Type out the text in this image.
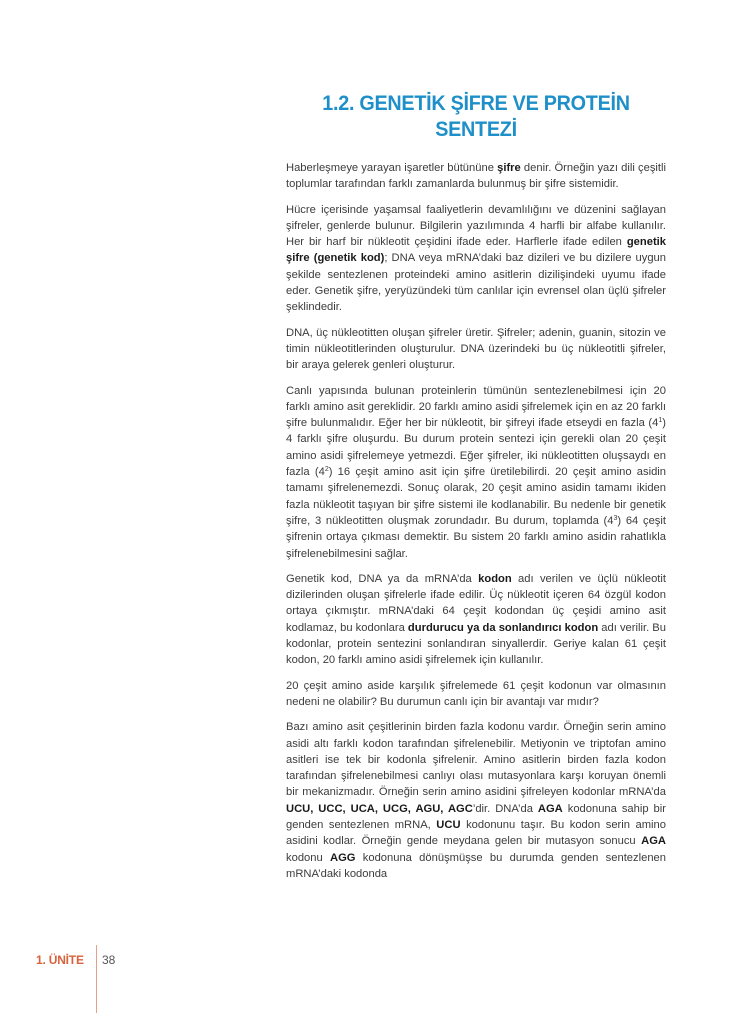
1.2. GENETİK ŞİFRE VE PROTEİN
SENTEZİ

Haberleşmeye yarayan işaretler bütününe şifre denir. Örneğin yazı dili çeşitli toplumlar tarafından farklı zamanlarda bulunmuş bir şifre sistemidir.

Hücre içerisinde yaşamsal faaliyetlerin devamlılığını ve düzenini sağlayan şifreler, genlerde bulunur. Bilgilerin yazılımında 4 harfli bir alfabe kullanılır. Her bir harf bir nükleotit çeşidini ifade eder. Harflerle ifade edilen genetik şifre (genetik kod); DNA veya mRNA’daki baz dizileri ve bu dizilere uygun şekilde sentezlenen proteindeki amino asitlerin dizilişindeki uyumu ifade eder. Genetik şifre, yeryüzündeki tüm canlılar için evrensel olan üçlü şifreler şeklindedir.

DNA, üç nükleotitten oluşan şifreler üretir. Şifreler; adenin, guanin, sitozin ve timin nükleotitlerinden oluşturulur. DNA üzerindeki bu üç nükleotitli şifreler, bir araya gelerek genleri oluşturur.

Canlı yapısında bulunan proteinlerin tümünün sentezlenebilmesi için 20 farklı amino asit gereklidir. 20 farklı amino asidi şifrelemek için en az 20 farklı şifre bulunmalıdır. Eğer her bir nükleotit, bir şifreyi ifade etseydi en fazla $(4^1)$ 4 farklı şifre oluşurdu. Bu durum protein sentezi için gerekli olan 20 çeşit amino asidi şifrelemeye yetmezdi. Eğer şifreler, iki nükleotitten oluşsaydı en fazla $(4^2)$ 16 çeşit amino asit için şifre üretilebilirdi. 20 çeşit amino asidin tamamı şifrelenemezdi. Sonuç olarak, 20 çeşit amino asidin tamamı ikiden fazla nükleotit taşıyan bir şifre sistemi ile kodlanabilir. Bu nedenle bir genetik şifre, 3 nükleotitten oluşmak zorundadır. Bu durum, toplamda $(4^3)$ 64 çeşit şifrenin ortaya çıkması demektir. Bu sistem 20 farklı amino asidin rahatlıkla şifrelenebilmesini sağlar.

Genetik kod, DNA ya da mRNA’da kodon adı verilen ve üçlü nükleotit dizilerinden oluşan şifrelerle ifade edilir. Üç nükleotit içeren 64 özgül kodon ortaya çıkmıştır. mRNA’daki 64 çeşit kodondan üç çeşidi amino asit kodlamaz, bu kodonlara durdurucu ya da sonlandırıcı kodon adı verilir. Bu kodonlar, protein sentezini sonlandıran sinyallerdir. Geriye kalan 61 çeşit kodon, 20 farklı amino asidi şifrelemek için kullanılır.

20 çeşit amino aside karşılık şifrelemede 61 çeşit kodonun var olmasının nedeni ne olabilir? Bu durumun canlı için bir avantajı var mıdır?

Bazı amino asit çeşitlerinin birden fazla kodonu vardır. Örneğin serin amino asidi altı farklı kodon tarafından şifrelenebilir. Metiyonin ve triptofan amino asitleri ise tek bir kodonla şifrelenir. Amino asitlerin birden fazla kodon tarafından şifrelenebilmesi canlıyı olası mutasyonlara karşı koruyan önemli bir mekanizmadır. Örneğin serin amino asidini şifreleyen kodonlar mRNA’da UCU, UCC, UCA, UCG, AGU, AGC’dir. DNA’da AGA kodonuna sahip bir genden sentezlenen mRNA, UCU kodonunu taşır. Bu kodon serin amino asidini kodlar. Örneğin gende meydana gelen bir mutasyon sonucu AGA kodonu AGG kodonuna dönüşmüşse bu durumda genden sentezlenen mRNA’daki kodonda

1. ÜNİTE 38
